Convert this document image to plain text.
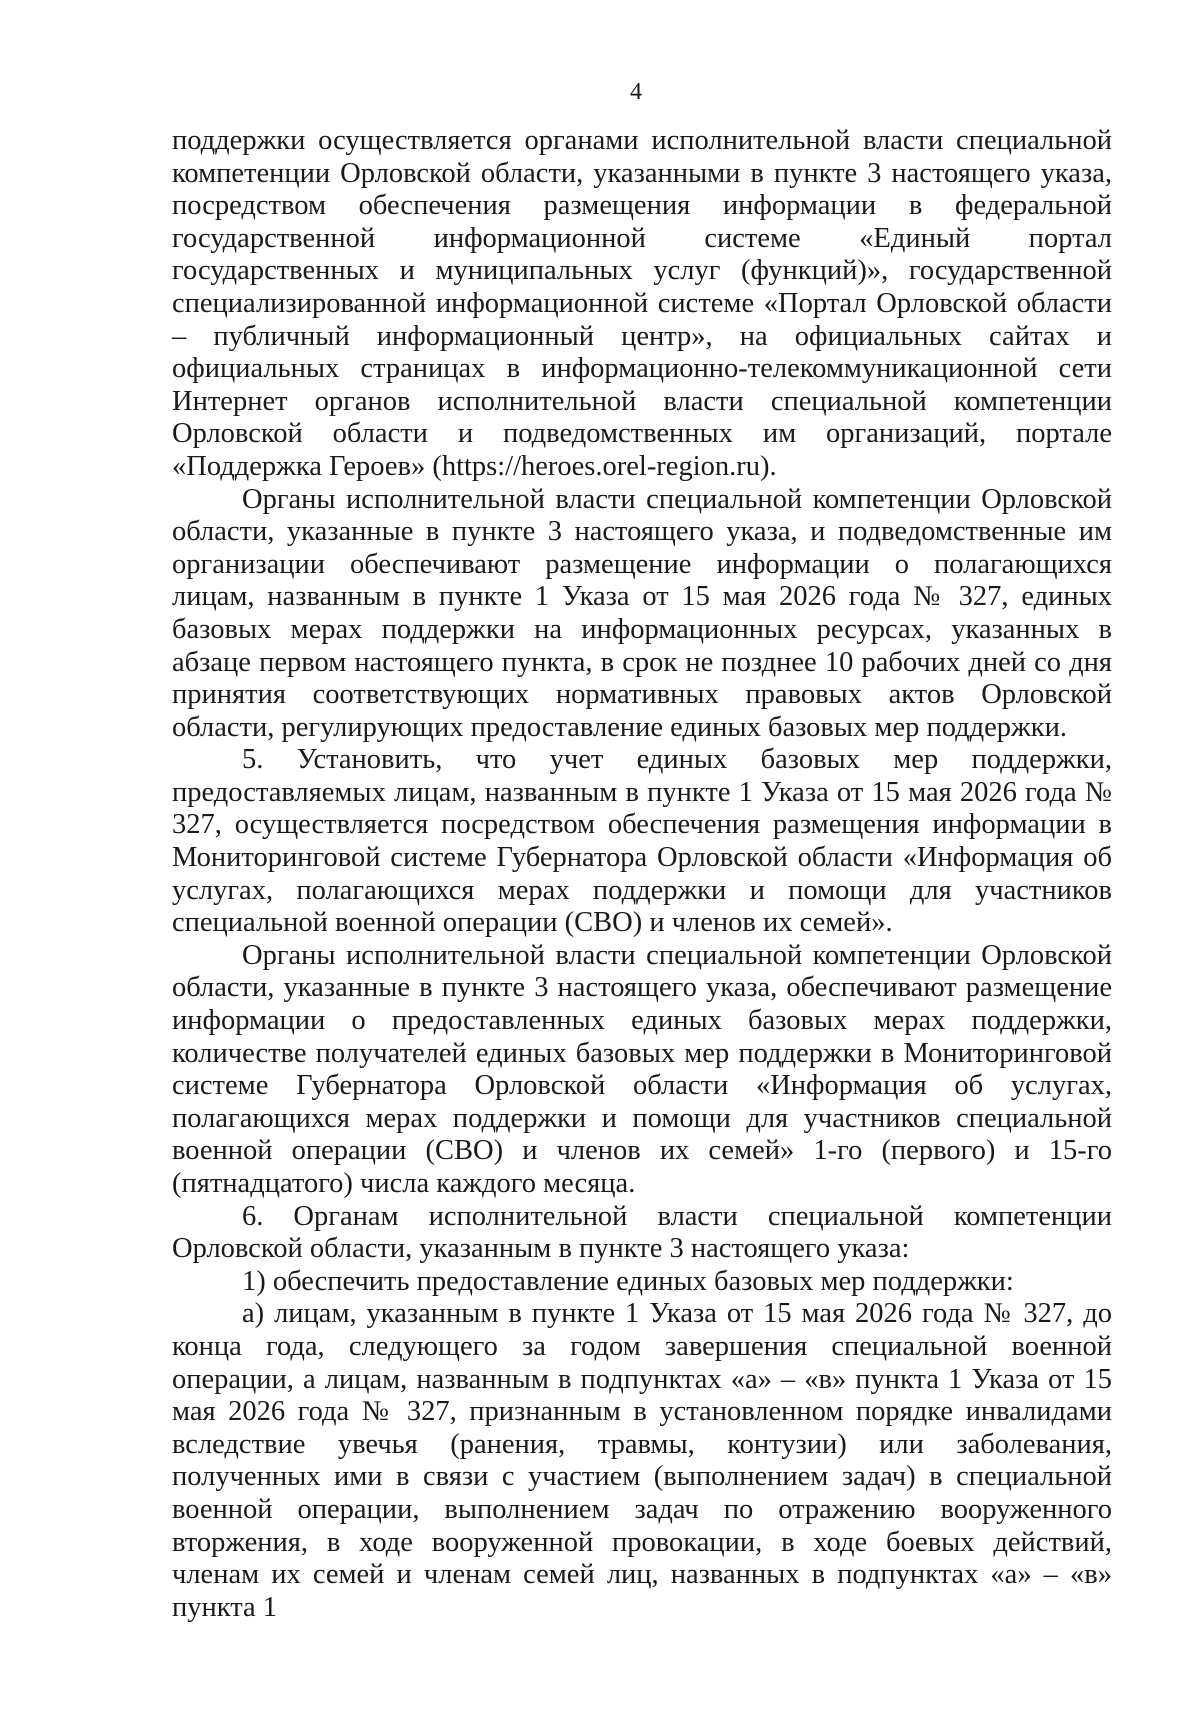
4

поддержки осуществляется органами исполнительной власти специальной компетенции Орловской области, указанными в пункте 3 настоящего указа, посредством обеспечения размещения информации в федеральной государственной информационной системе «Единый портал государственных и муниципальных услуг (функций)», государственной специализированной информационной системе «Портал Орловской области – публичный информационный центр», на официальных сайтах и официальных страницах в информационно-телекоммуникационной сети Интернет органов исполнительной власти специальной компетенции Орловской области и подведомственных им организаций, портале «Поддержка Героев» (https://heroes.orel-region.ru).

Органы исполнительной власти специальной компетенции Орловской области, указанные в пункте 3 настоящего указа, и подведомственные им организации обеспечивают размещение информации о полагающихся лицам, названным в пункте 1 Указа от 15 мая 2026 года № 327, единых базовых мерах поддержки на информационных ресурсах, указанных в абзаце первом настоящего пункта, в срок не позднее 10 рабочих дней со дня принятия соответствующих нормативных правовых актов Орловской области, регулирующих предоставление единых базовых мер поддержки.

5. Установить, что учет единых базовых мер поддержки, предоставляемых лицам, названным в пункте 1 Указа от 15 мая 2026 года № 327, осуществляется посредством обеспечения размещения информации в Мониторинговой системе Губернатора Орловской области «Информация об услугах, полагающихся мерах поддержки и помощи для участников специальной военной операции (СВО) и членов их семей».

Органы исполнительной власти специальной компетенции Орловской области, указанные в пункте 3 настоящего указа, обеспечивают размещение информации о предоставленных единых базовых мерах поддержки, количестве получателей единых базовых мер поддержки в Мониторинговой системе Губернатора Орловской области «Информация об услугах, полагающихся мерах поддержки и помощи для участников специальной военной операции (СВО) и членов их семей» 1-го (первого) и 15-го (пятнадцатого) числа каждого месяца.

6. Органам исполнительной власти специальной компетенции Орловской области, указанным в пункте 3 настоящего указа:

1) обеспечить предоставление единых базовых мер поддержки:

а) лицам, указанным в пункте 1 Указа от 15 мая 2026 года № 327, до конца года, следующего за годом завершения специальной военной операции, а лицам, названным в подпунктах «а» – «в» пункта 1 Указа от 15 мая 2026 года № 327, признанным в установленном порядке инвалидами вследствие увечья (ранения, травмы, контузии) или заболевания, полученных ими в связи с участием (выполнением задач) в специальной военной операции, выполнением задач по отражению вооруженного вторжения, в ходе вооруженной провокации, в ходе боевых действий, членам их семей и членам семей лиц, названных в подпунктах «а» – «в» пункта 1
